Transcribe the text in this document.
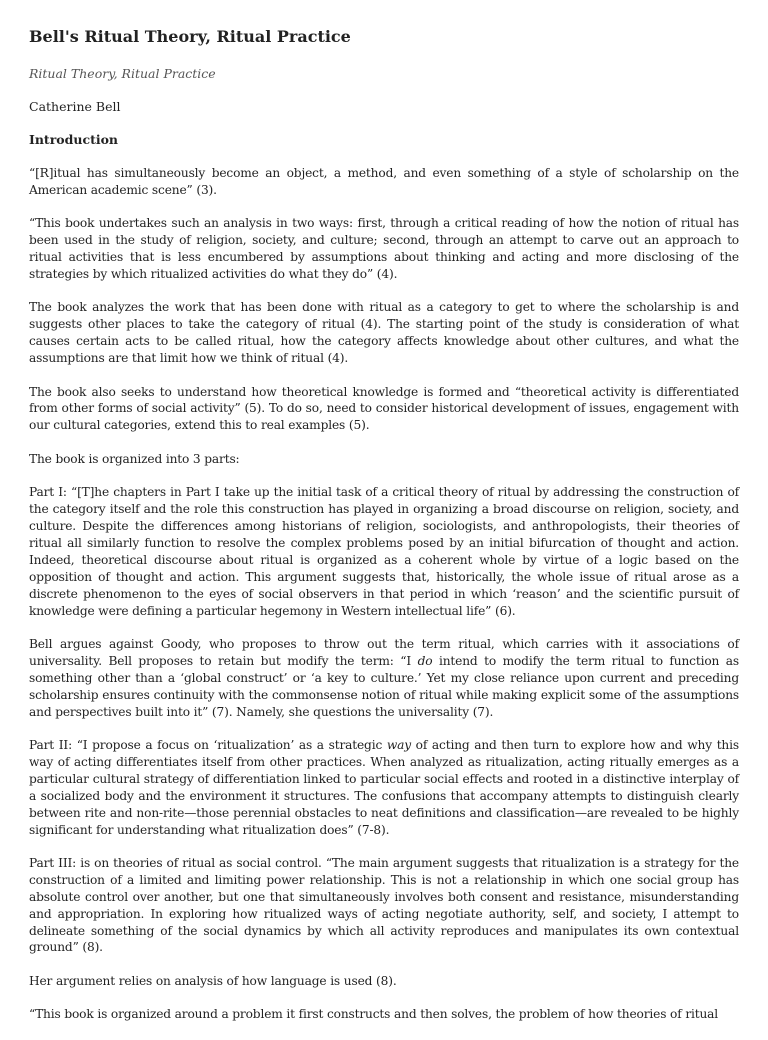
Bell's Ritual Theory, Ritual Practice

Ritual Theory, Ritual Practice

Catherine Bell

Introduction

“[R]itual has simultaneously become an object, a method, and even something of a style of scholarship on the American academic scene” (3).

“This book undertakes such an analysis in two ways: first, through a critical reading of how the notion of ritual has been used in the study of religion, society, and culture; second, through an attempt to carve out an approach to ritual activities that is less encumbered by assumptions about thinking and acting and more disclosing of the strategies by which ritualized activities do what they do” (4).

The book analyzes the work that has been done with ritual as a category to get to where the scholarship is and suggests other places to take the category of ritual (4). The starting point of the study is consideration of what causes certain acts to be called ritual, how the category affects knowledge about other cultures, and what the assumptions are that limit how we think of ritual (4).

The book also seeks to understand how theoretical knowledge is formed and “theoretical activity is differentiated from other forms of social activity” (5). To do so, need to consider historical development of issues, engagement with our cultural categories, extend this to real examples (5).

The book is organized into 3 parts:

Part I: “[T]he chapters in Part I take up the initial task of a critical theory of ritual by addressing the construction of the category itself and the role this construction has played in organizing a broad discourse on religion, society, and culture. Despite the differences among historians of religion, sociologists, and anthropologists, their theories of ritual all similarly function to resolve the complex problems posed by an initial bifurcation of thought and action. Indeed, theoretical discourse about ritual is organized as a coherent whole by virtue of a logic based on the opposition of thought and action. This argument suggests that, historically, the whole issue of ritual arose as a discrete phenomenon to the eyes of social observers in that period in which ‘reason’ and the scientific pursuit of knowledge were defining a particular hegemony in Western intellectual life” (6).

Bell argues against Goody, who proposes to throw out the term ritual, which carries with it associations of universality. Bell proposes to retain but modify the term: “I do intend to modify the term ritual to function as something other than a ‘global construct’ or ‘a key to culture.’ Yet my close reliance upon current and preceding scholarship ensures continuity with the commonsense notion of ritual while making explicit some of the assumptions and perspectives built into it” (7). Namely, she questions the universality (7).

Part II: “I propose a focus on ‘ritualization’ as a strategic way of acting and then turn to explore how and why this way of acting differentiates itself from other practices. When analyzed as ritualization, acting ritually emerges as a particular cultural strategy of differentiation linked to particular social effects and rooted in a distinctive interplay of a socialized body and the environment it structures. The confusions that accompany attempts to distinguish clearly between rite and non-rite—those perennial obstacles to neat definitions and classification—are revealed to be highly significant for understanding what ritualization does” (7-8).

Part III: is on theories of ritual as social control. “The main argument suggests that ritualization is a strategy for the construction of a limited and limiting power relationship. This is not a relationship in which one social group has absolute control over another, but one that simultaneously involves both consent and resistance, misunderstanding and appropriation. In exploring how ritualized ways of acting negotiate authority, self, and society, I attempt to delineate something of the social dynamics by which all activity reproduces and manipulates its own contextual ground” (8).

Her argument relies on analysis of how language is used (8).

“This book is organized around a problem it first constructs and then solves, the problem of how theories of ritual
